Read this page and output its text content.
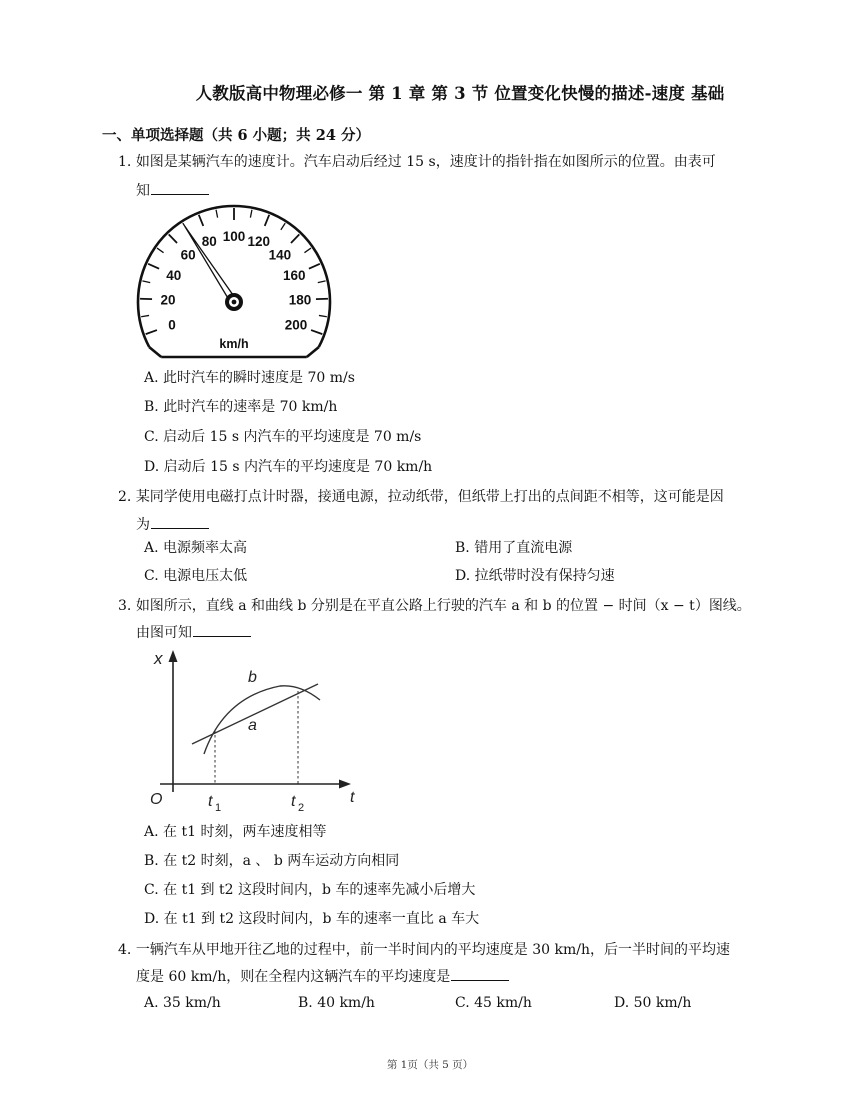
人教版高中物理必修一 第 1 章 第 3 节 位置变化快慢的描述-速度 基础
一、单项选择题（共 6 小题；共 24 分）
1. 如图是某辆汽车的速度计。汽车启动后经过 15 s，速度计的指针指在如图所示的位置。由表可
知
0
20
40
60
80 100 120
140
160
180
200
km/h
A. 此时汽车的瞬时速度是 70 m/s
B. 此时汽车的速率是 70 km/h
C. 启动后 15 s 内汽车的平均速度是 70 m/s
D. 启动后 15 s 内汽车的平均速度是 70 km/h
2. 某同学使用电磁打点计时器，接通电源，拉动纸带，但纸带上打出的点间距不相等，这可能是因
为
A. 电源频率太高	B. 错用了直流电源
C. 电源电压太低	D. 拉纸带时没有保持匀速
3. 如图所示，直线 a 和曲线 b 分别是在平直公路上行驶的汽车 a 和 b 的位置 − 时间（x − t）图线。
由图可知
x
O	t
b
a
t 1	t 2
A. 在 t1 时刻，两车速度相等
B. 在 t2 时刻，a 、 b 两车运动方向相同
C. 在 t1 到 t2 这段时间内，b 车的速率先减小后增大
D. 在 t1 到 t2 这段时间内，b 车的速率一直比 a 车大
4. 一辆汽车从甲地开往乙地的过程中，前一半时间内的平均速度是 30 km/h，后一半时间的平均速
度是 60 km/h，则在全程内这辆汽车的平均速度是
A. 35 km/h	B. 40 km/h	C. 45 km/h	D. 50 km/h
第 1页（共 5 页）
